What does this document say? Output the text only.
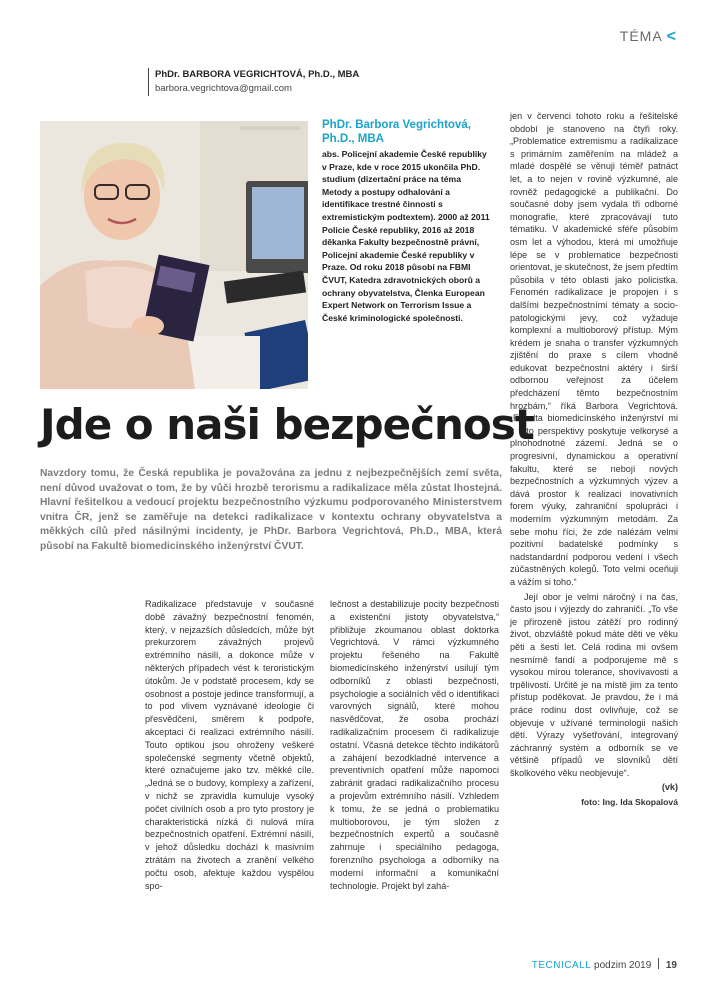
TÉMA <
PhDr. BARBORA VEGRICHTOVÁ, Ph.D., MBA
barbora.vegrichtova@gmail.com
PhDr. Barbora Vegrichtová, Ph.D., MBA
abs. Policejní akademie České republiky v Praze, kde v roce 2015 ukončila PhD. studium (dizertační práce na téma Metody a postupy odhalování a identifikace trestné činnosti s extremistickým podtextem). 2000 až 2011 Policie České republiky, 2016 až 2018 děkanka Fakulty bezpečnostně právní, Policejní akademie České republiky v Praze. Od roku 2018 působí na FBMI ČVUT, Katedra zdravotnických oborů a ochrany obyvatelstva, Členka European Expert Network on Terrorism Issue a České kriminologické společnosti.

jen v červenci tohoto roku a řešitelské období je stanoveno na čtyři roky. „Problematice extremismu a radikalizace s primárním zaměřením na mládež a mladé dospělé se věnuji téměř patnáct let, a to nejen v rovině výzkumné, ale rovněž pedagogické a publikační. Do současné doby jsem vydala tři odborné monografie, které zpracovávají tuto tématiku. V akademické sféře působím osm let a výhodou, která mi umožňuje lépe se v problematice bezpečnosti orientovat, je skutečnost, že jsem předtím působila v této oblasti jako policistka. Fenomén radikalizace je propojen i s dalšími bezpečnostními tématy a socio-patologickými jevy, což vyžaduje komplexní a multioborový přístup. Mým krédem je snaha o transfer výzkumných zjištění do praxe s cílem vhodně edukovat bezpečnostní aktéry i širší odbornou veřejnost za účelem předcházení těmto bezpečnostním hrozbám,“ říká Barbora Vegrichtová. „Fakulta biomedicínského inženýrství mi z této perspektivy poskytuje velkorysé a plnohodnotné zázemí. Jedná se o progresivní, dynamickou a operativní fakultu, které se nebojí nových bezpečnostních a výzkumných výzev a dává prostor k realizaci inovativních forem výuky, zahraniční spolupráci i moderním výzkumným metodám. Za sebe mohu říci, že zde nalézám velmi pozitivní badatelské podmínky s nadstandardní podporou vedení i všech zúčastněných kolegů. Toto velmi oceňuji a vážím si toho.“

Její obor je velmi náročný i na čas, často jsou i výjezdy do zahraničí. „To vše je přirozeně jistou zátěží pro rodinný život, obzvláště pokud máte děti ve věku pěti a šesti let. Celá rodina mi ovšem nesmírně fandí a podporujeme mě s vysokou mírou tolerance, shovívavosti a trpělivosti. Určitě je na místě jim za tento přístup poděkovat. Je pravdou, že i má práce rodinu dost ovlivňuje, což se objevuje v užívané terminologii našich dětí. Výrazy vyšetřování, integrovaný záchranný systém a odborník se ve většině případů ve slovníků dětí školkového věku neobjevuje“.

(vk)
foto: Ing. Ida Skopalová
Jde o naši bezpečnost
Navzdory tomu, že Česká republika je považována za jednu z nejbezpečnějších zemí světa, není důvod uvažovat o tom, že by vůči hrozbě terorismu a radikalizace měla zůstat lhostejná. Hlavní řešitelkou a vedoucí projektu bezpečnostního výzkumu podporovaného Ministerstvem vnitra ČR, jenž se zaměřuje na detekci radikalizace v kontextu ochrany obyvatelstva a měkkých cílů před násilnými incidenty, je PhDr. Barbora Vegrichtová, Ph.D., MBA, která působí na Fakultě biomedicínského inženýrství ČVUT.

Radikalizace představuje v současné době závažný bezpečnostní fenomén, který, v nejzazších důsledcích, může být prekurzorem závažných projevů extrémního násilí, a dokonce může v některých případech vést k teroristickým útokům. Je v podstatě procesem, kdy se osobnost a postoje jedince transformují, a to pod vlivem vyznávané ideologie či přesvědčení, směrem k podpoře, akceptaci či realizaci extrémního násilí. Touto optikou jsou ohroženy veškeré společenské segmenty včetně objektů, které označujeme jako tzv. měkké cíle. „Jedná se o budovy, komplexy a zařízení, v nichž se zpravidla kumuluje vysoký počet civilních osob a pro tyto prostory je charakteristická nízká či nulová míra bezpečnostních opatření. Extrémní násilí, v jehož důsledku dochází k masivním ztrátám na životech a zranění velkého počtu osob, afektuje každou vyspělou spo-

lečnost a destabilizuje pocity bezpečnosti a existenční jistoty obyvatelstva,“ přibližuje zkoumanou oblast doktorka Vegrichtová. V rámci výzkumného projektu řešeného na Fakultě biomedicínského inženýrství usilují tým odborníků z oblasti bezpečnosti, psychologie a sociálních věd o identifikaci varovných signálů, které mohou nasvědčovat, že osoba prochází radikalizačním procesem či radikalizuje ostatní. Včasná detekce těchto indikátorů a zahájení bezodkladné intervence a preventivních opatření může napomoci zabránit gradaci radikalizačního procesu a projevům extrémního násilí. Vzhledem k tomu, že se jedná o problematiku multioborovou, je tým složen z bezpečnostních expertů a současně zahrnuje i speciálního pedagoga, forenzního psychologa a odborníky na moderní informační a komunikační technologie. Projekt byl zahá-

TECNICALL podzim 2019 19
